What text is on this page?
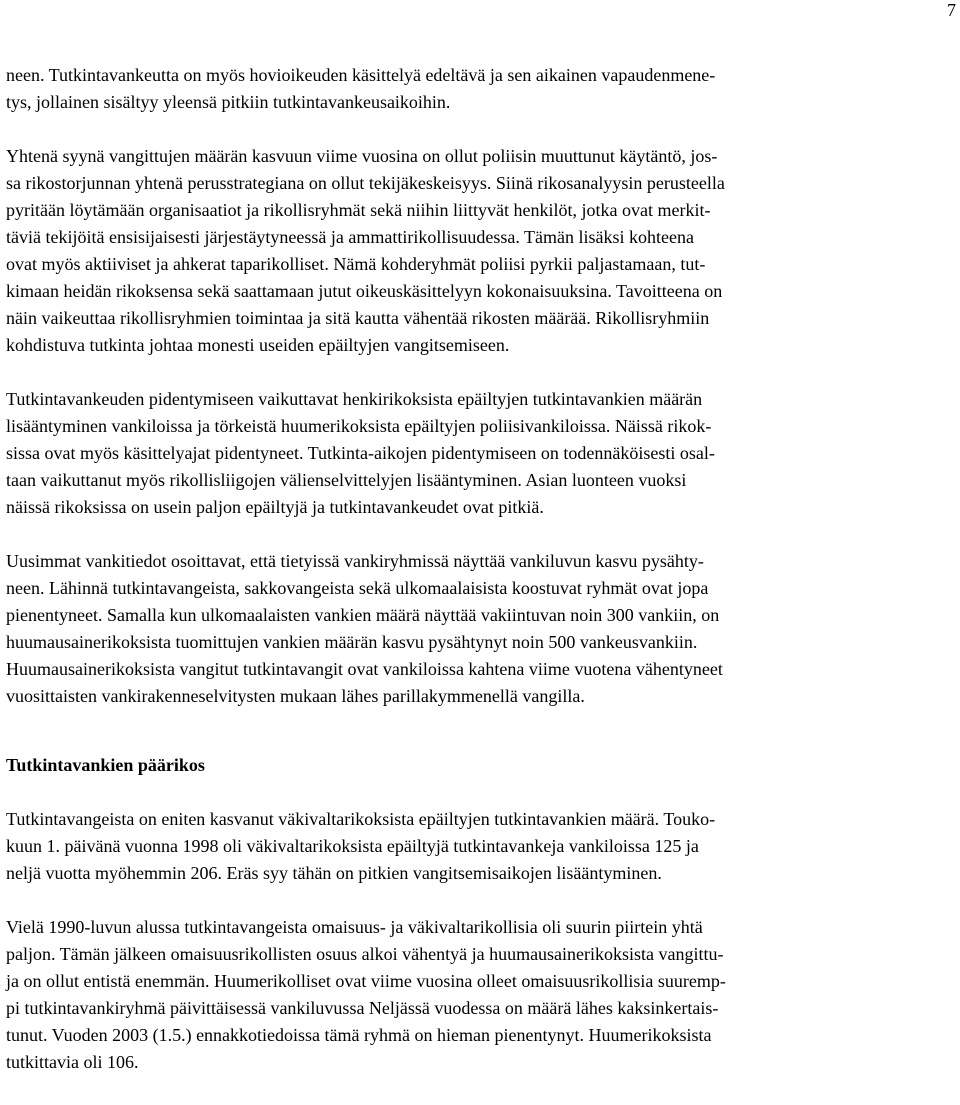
7

neen. Tutkintavankeutta on myös hovioikeuden käsittelyä edeltävä ja sen aikainen vapaudenmene-
tys, jollainen sisältyy yleensä pitkiin tutkintavankeusaikoihin.

Yhtenä syynä vangittujen määrän kasvuun viime vuosina on ollut poliisin muuttunut käytäntö, jos-
sa rikostorjunnan yhtenä perusstrategiana on ollut tekijäkeskeisyys. Siinä rikosanalyysin perusteella
pyritään löytämään organisaatiot ja rikollisryhmät sekä niihin liittyvät henkilöt, jotka ovat merkit-
täviä tekijöitä ensisijaisesti järjestäytyneessä ja ammattirikollisuudessa. Tämän lisäksi kohteena
ovat myös aktiiviset ja ahkerat taparikolliset. Nämä kohderyhmät poliisi pyrkii paljastamaan, tut-
kimaan heidän rikoksensa sekä saattamaan jutut oikeuskäsittelyyn kokonaisuuksina. Tavoitteena on
näin vaikeuttaa rikollisryhmien toimintaa ja sitä kautta vähentää rikosten määrää. Rikollisryhmiin
kohdistuva tutkinta johtaa monesti useiden epäiltyjen vangitsemiseen.

Tutkintavankeuden pidentymiseen vaikuttavat henkirikoksista epäiltyjen tutkintavankien määrän
lisääntyminen vankiloissa ja törkeistä huumerikoksista epäiltyjen poliisivankiloissa. Näissä rikok-
sissa ovat myös käsittelyajat pidentyneet. Tutkinta-aikojen pidentymiseen on todennäköisesti osal-
taan vaikuttanut myös rikollisliigojen välienselvittelyjen lisääntyminen. Asian luonteen vuoksi
näissä rikoksissa on usein paljon epäiltyjä ja tutkintavankeudet ovat pitkiä.

Uusimmat vankitiedot osoittavat, että tietyissä vankiryhmissä näyttää vankiluvun kasvu pysähty-
neen. Lähinnä tutkintavangeista, sakkovangeista sekä ulkomaalaisista koostuvat ryhmät ovat jopa
pienentyneet. Samalla kun ulkomaalaisten vankien määrä näyttää vakiintuvan noin 300 vankiin, on
huumausainerikoksista tuomittujen vankien määrän kasvu pysähtynyt noin 500 vankeusvankiin.
Huumausainerikoksista vangitut tutkintavangit ovat vankiloissa kahtena viime vuotena vähentyneet
vuosittaisten vankirakenneselvitysten mukaan lähes parillakymmenellä vangilla.

Tutkintavankien päärikos

Tutkintavangeista on eniten kasvanut väkivaltarikoksista epäiltyjen tutkintavankien määrä. Touko-
kuun 1. päivänä vuonna 1998 oli väkivaltarikoksista epäiltyjä tutkintavankeja vankiloissa 125 ja
neljä vuotta myöhemmin 206. Eräs syy tähän on pitkien vangitsemisaikojen lisääntyminen.

Vielä 1990-luvun alussa tutkintavangeista omaisuus- ja väkivaltarikollisia oli suurin piirtein yhtä
paljon. Tämän jälkeen omaisuusrikollisten osuus alkoi vähentyä ja huumausainerikoksista vangittu-
ja on ollut entistä enemmän. Huumerikolliset ovat viime vuosina olleet omaisuusrikollisia suuremp-
pi tutkintavankiryhmä päivittäisessä vankiluvussa Neljässä vuodessa on määrä lähes kaksinkertais-
tunut. Vuoden 2003 (1.5.) ennakkotiedoissa tämä ryhmä on hieman pienentynyt. Huumerikoksista
tutkittavia oli 106.
